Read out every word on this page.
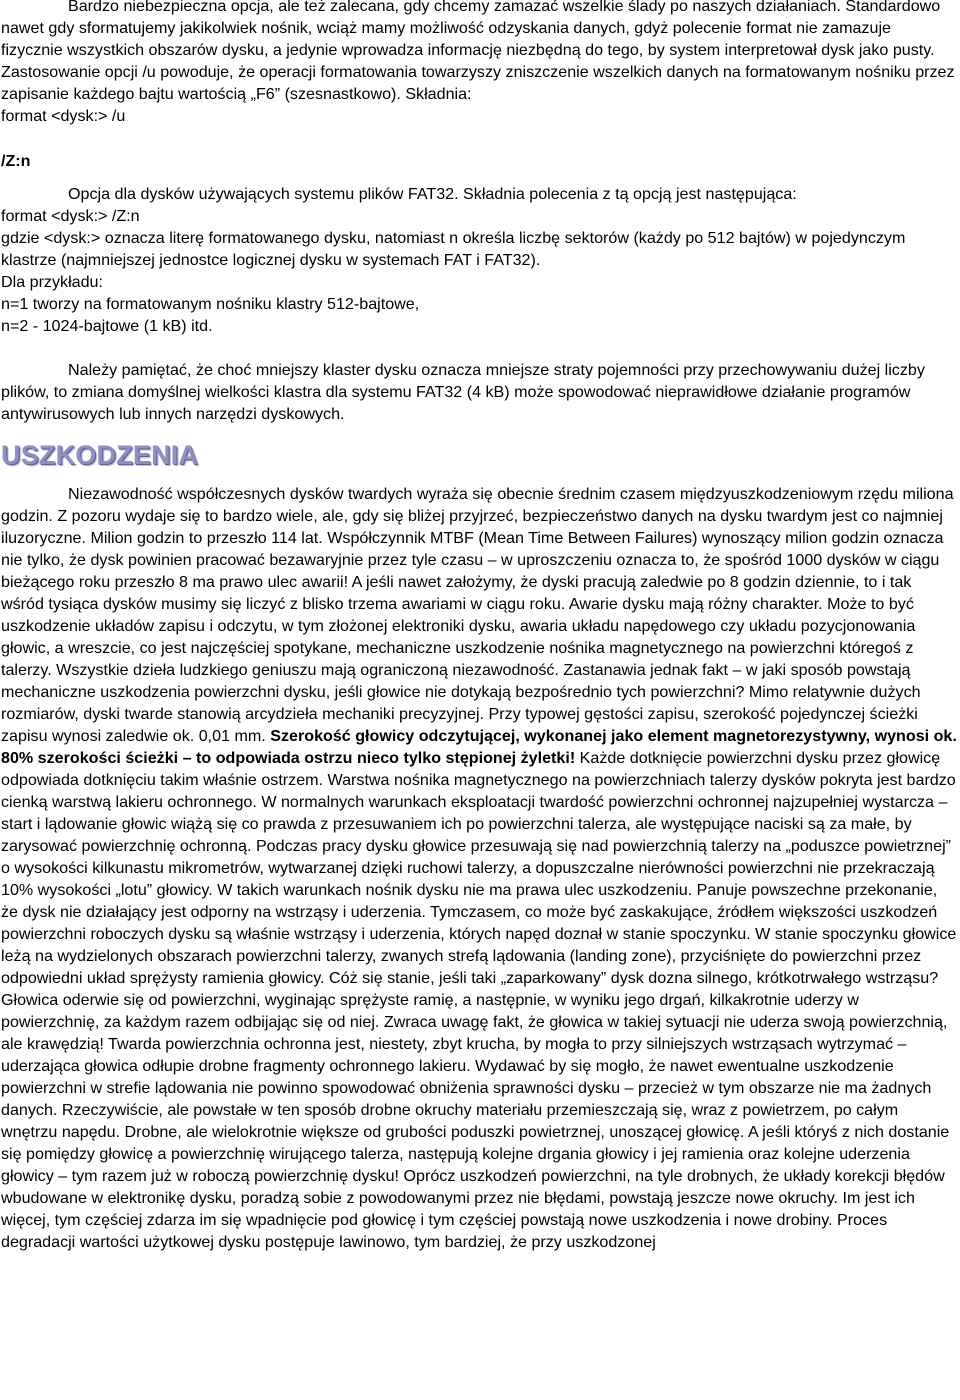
Bardzo niebezpieczna opcja, ale też zalecana, gdy chcemy zamazać wszelkie ślady po naszych działaniach. Standardowo nawet gdy sformatujemy jakikolwiek nośnik, wciąż mamy możliwość odzyskania danych, gdyż polecenie format nie zamazuje fizycznie wszystkich obszarów dysku, a jedynie wprowadza informację niezbędną do tego, by system interpretował dysk jako pusty. Zastosowanie opcji /u powoduje, że operacji formatowania towarzyszy zniszczenie wszelkich danych na formatowanym nośniku przez zapisanie każdego bajtu wartością „F6” (szesnastkowo). Składnia:

format <dysk:> /u

/Z:n

Opcja dla dysków używających systemu plików FAT32. Składnia polecenia z tą opcją jest następująca:

format <dysk:> /Z:n

gdzie <dysk:> oznacza literę formatowanego dysku, natomiast n określa liczbę sektorów (każdy po 512 bajtów) w pojedynczym klastrze (najmniejszej jednostce logicznej dysku w systemach FAT i FAT32).

Dla przykładu:

n=1 tworzy na formatowanym nośniku klastry 512-bajtowe,

n=2 - 1024-bajtowe (1 kB) itd.

Należy pamiętać, że choć mniejszy klaster dysku oznacza mniejsze straty pojemności przy przechowywaniu dużej liczby plików, to zmiana domyślnej wielkości klastra dla systemu FAT32 (4 kB) może spowodować nieprawidłowe działanie programów antywirusowych lub innych narzędzi dyskowych.

USZKODZENIA

Niezawodność współczesnych dysków twardych wyraża się obecnie średnim czasem międzyuszkodzeniowym rzędu miliona godzin. Z pozoru wydaje się to bardzo wiele, ale, gdy się bliżej przyjrzeć, bezpieczeństwo danych na dysku twardym jest co najmniej iluzoryczne. Milion godzin to przeszło 114 lat. Współczynnik MTBF (Mean Time Between Failures) wynoszący milion godzin oznacza nie tylko, że dysk powinien pracować bezawaryjnie przez tyle czasu – w uproszczeniu oznacza to, że spośród 1000 dysków w ciągu bieżącego roku przeszło 8 ma prawo ulec awarii! A jeśli nawet założymy, że dyski pracują zaledwie po 8 godzin dziennie, to i tak wśród tysiąca dysków musimy się liczyć z blisko trzema awariami w ciągu roku. Awarie dysku mają różny charakter. Może to być uszkodzenie układów zapisu i odczytu, w tym złożonej elektroniki dysku, awaria układu napędowego czy układu pozycjonowania głowic, a wreszcie, co jest najczęściej spotykane, mechaniczne uszkodzenie nośnika magnetycznego na powierzchni któregoś z talerzy. Wszystkie dzieła ludzkiego geniuszu mają ograniczoną niezawodność. Zastanawia jednak fakt – w jaki sposób powstają mechaniczne uszkodzenia powierzchni dysku, jeśli głowice nie dotykają bezpośrednio tych powierzchni? Mimo relatywnie dużych rozmiarów, dyski twarde stanowią arcydzieła mechaniki precyzyjnej. Przy typowej gęstości zapisu, szerokość pojedynczej ścieżki zapisu wynosi zaledwie ok. 0,01 mm. Szerokość głowicy odczytującej, wykonanej jako element magnetorezystywny, wynosi ok. 80% szerokości ścieżki – to odpowiada ostrzu nieco tylko stępionej żyletki! Każde dotknięcie powierzchni dysku przez głowicę odpowiada dotknięciu takim właśnie ostrzem. Warstwa nośnika magnetycznego na powierzchniach talerzy dysków pokryta jest bardzo cienką warstwą lakieru ochronnego. W normalnych warunkach eksploatacji twardość powierzchni ochronnej najzupełniej wystarcza – start i lądowanie głowic wiążą się co prawda z przesuwaniem ich po powierzchni talerza, ale występujące naciski są za małe, by zarysować powierzchnię ochronną. Podczas pracy dysku głowice przesuwają się nad powierzchnią talerzy na „poduszce powietrznej” o wysokości kilkunastu mikrometrów, wytwarzanej dzięki ruchowi talerzy, a dopuszczalne nierówności powierzchni nie przekraczają 10% wysokości „lotu” głowicy. W takich warunkach nośnik dysku nie ma prawa ulec uszkodzeniu. Panuje powszechne przekonanie, że dysk nie działający jest odporny na wstrząsy i uderzenia. Tymczasem, co może być zaskakujące, źródłem większości uszkodzeń powierzchni roboczych dysku są właśnie wstrząsy i uderzenia, których napęd doznał w stanie spoczynku. W stanie spoczynku głowice leżą na wydzielonych obszarach powierzchni talerzy, zwanych strefą lądowania (landing zone), przyciśnięte do powierzchni przez odpowiedni układ sprężysty ramienia głowicy. Cóż się stanie, jeśli taki „zaparkowany” dysk dozna silnego, krótkotrwałego wstrząsu? Głowica oderwie się od powierzchni, wyginając sprężyste ramię, a następnie, w wyniku jego drgań, kilkakrotnie uderzy w powierzchnię, za każdym razem odbijając się od niej. Zwraca uwagę fakt, że głowica w takiej sytuacji nie uderza swoją powierzchnią, ale krawędzią! Twarda powierzchnia ochronna jest, niestety, zbyt krucha, by mogła to przy silniejszych wstrząsach wytrzymać – uderzająca głowica odłupie drobne fragmenty ochronnego lakieru. Wydawać by się mogło, że nawet ewentualne uszkodzenie powierzchni w strefie lądowania nie powinno spowodować obniżenia sprawności dysku – przecież w tym obszarze nie ma żadnych danych. Rzeczywiście, ale powstałe w ten sposób drobne okruchy materiału przemieszczają się, wraz z powietrzem, po całym wnętrzu napędu. Drobne, ale wielokrotnie większe od grubości poduszki powietrznej, unoszącej głowicę. A jeśli któryś z nich dostanie się pomiędzy głowicę a powierzchnię wirującego talerza, następują kolejne drgania głowicy i jej ramienia oraz kolejne uderzenia głowicy – tym razem już w roboczą powierzchnię dysku! Oprócz uszkodzeń powierzchni, na tyle drobnych, że układy korekcji błędów wbudowane w elektronikę dysku, poradzą sobie z powodowanymi przez nie błędami, powstają jeszcze nowe okruchy. Im jest ich więcej, tym częściej zdarza im się wpadnięcie pod głowicę i tym częściej powstają nowe uszkodzenia i nowe drobiny. Proces degradacji wartości użytkowej dysku postępuje lawinowo, tym bardziej, że przy uszkodzonej
